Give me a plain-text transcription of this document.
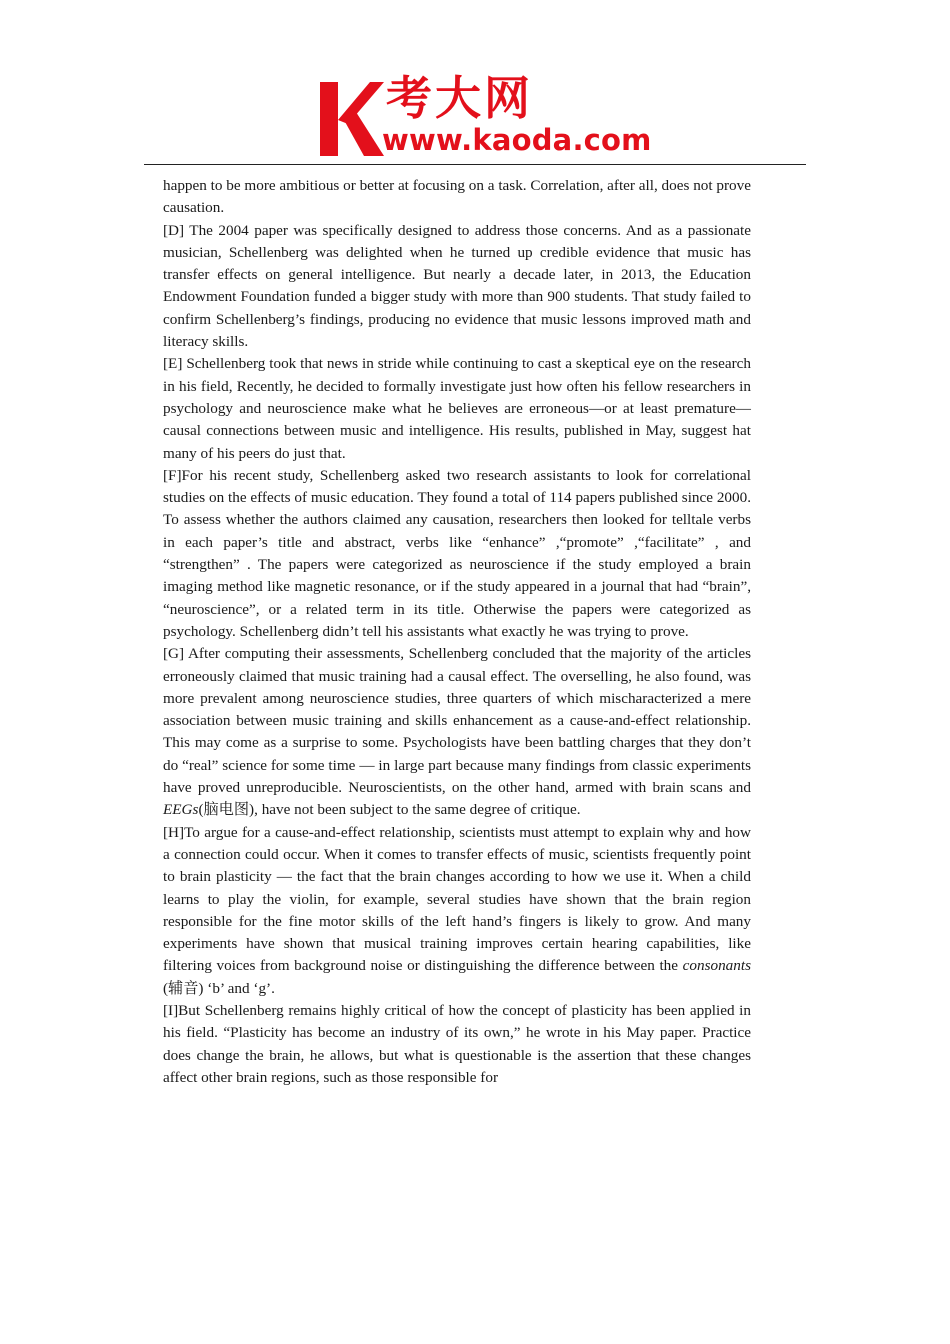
考大网
www.kaoda.com

happen to be more ambitious or better at focusing on a task. Correlation, after all, does not prove causation.

[D] The 2004 paper was specifically designed to address those concerns. And as a passionate musician, Schellenberg was delighted when he turned up credible evidence that music has transfer effects on general intelligence. But nearly a decade later, in 2013, the Education Endowment Foundation funded a bigger study with more than 900 students. That study failed to confirm Schellenberg’s findings, producing no evidence that music lessons improved math and literacy skills.

[E] Schellenberg took that news in stride while continuing to cast a skeptical eye on the research in his field, Recently, he decided to formally investigate just how often his fellow researchers in psychology and neuroscience make what he believes are erroneous—or at least premature—causal connections between music and intelligence. His results, published in May, suggest hat many of his peers do just that.

[F]For his recent study, Schellenberg asked two research assistants to look for correlational studies on the effects of music education. They found a total of 114 papers published since 2000. To assess whether the authors claimed any causation, researchers then looked for telltale verbs in each paper’s title and abstract, verbs like “enhance” ,“promote” ,“facilitate” , and “strengthen” . The papers were categorized as neuroscience if the study employed a brain imaging method like magnetic resonance, or if the study appeared in a journal that had “brain”, “neuroscience”, or a related term in its title. Otherwise the papers were categorized as psychology. Schellenberg didn’t tell his assistants what exactly he was trying to prove.

[G] After computing their assessments, Schellenberg concluded that the majority of the articles erroneously claimed that music training had a causal effect. The overselling, he also found, was more prevalent among neuroscience studies, three quarters of which mischaracterized a mere association between music training and skills enhancement as a cause-and-effect relationship. This may come as a surprise to some. Psychologists have been battling charges that they don’t do “real” science for some time — in large part because many findings from classic experiments have proved unreproducible. Neuroscientists, on the other hand, armed with brain scans and EEGs(脑电图), have not been subject to the same degree of critique.

[H]To argue for a cause-and-effect relationship, scientists must attempt to explain why and how a connection could occur. When it comes to transfer effects of music, scientists frequently point to brain plasticity — the fact that the brain changes according to how we use it. When a child learns to play the violin, for example, several studies have shown that the brain region responsible for the fine motor skills of the left hand’s fingers is likely to grow. And many experiments have shown that musical training improves certain hearing capabilities, like filtering voices from background noise or distinguishing the difference between the consonants (辅音) ‘b’ and ‘g’.

[I]But Schellenberg remains highly critical of how the concept of plasticity has been applied in his field. “Plasticity has become an industry of its own,” he wrote in his May paper. Practice does change the brain, he allows, but what is questionable is the assertion that these changes affect other brain regions, such as those responsible for
